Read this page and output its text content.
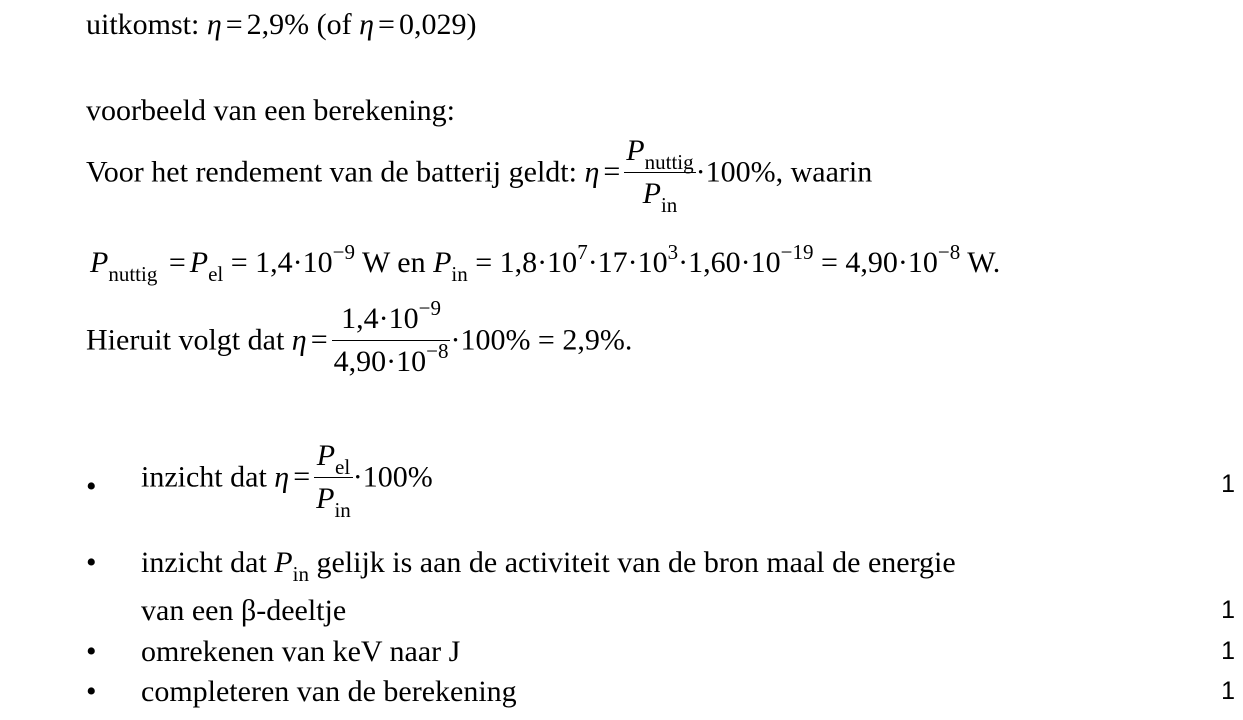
uitkomst: η = 2,9% (of η = 0,029)
voorbeeld van een berekening:
Voor het rendement van de batterij geldt: $\eta = \frac{P_{nuttig}}{P_{in}} \cdot 100\%$, waarin
$P_{nuttig} = P_{el} = 1,4\cdot 10^{-9}$ W en $P_{in} = 1,8\cdot 10^7\cdot 17\cdot 10^3\cdot 1,60\cdot 10^{-19} = 4,90\cdot 10^{-8}$ W.
Hieruit volgt dat $\eta = \frac{1,4\cdot 10^{-9}}{4,90\cdot 10^{-8}} \cdot 100\% = 2,9\%$.
• inzicht dat $\eta = \frac{P_{el}}{P_{in}} \cdot 100\%$	1
• inzicht dat $P_{in}$ gelijk is aan de activiteit van de bron maal de energie
van een β-deeltje	1
• omrekenen van keV naar J	1
• completeren van de berekening	1
